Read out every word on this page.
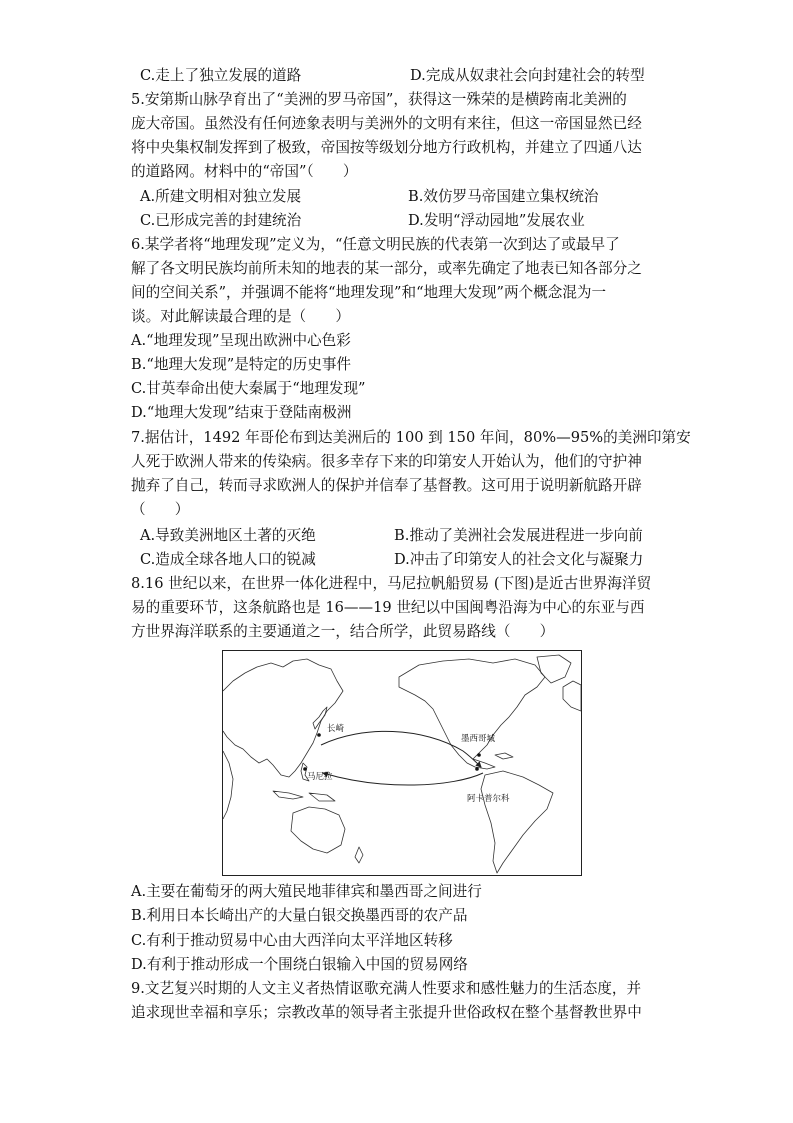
C.走上了独立发展的道路	D.完成从奴隶社会向封建社会的转型
5.安第斯山脉孕育出了“美洲的罗马帝国”，获得这一殊荣的是横跨南北美洲的
庞大帝国。虽然没有任何迹象表明与美洲外的文明有来往，但这一帝国显然已经
将中央集权制发挥到了极致，帝国按等级划分地方行政机构，并建立了四通八达
的道路网。材料中的“帝国”（　　）
A.所建文明相对独立发展	B.效仿罗马帝国建立集权统治
C.已形成完善的封建统治	D.发明“浮动园地”发展农业
6.某学者将“地理发现”定义为，“任意文明民族的代表第一次到达了或最早了
解了各文明民族均前所未知的地表的某一部分，或率先确定了地表已知各部分之
间的空间关系”，并强调不能将“地理发现”和“地理大发现”两个概念混为一
谈。对此解读最合理的是（　　）
A.“地理发现”呈现出欧洲中心色彩
B.“地理大发现”是特定的历史事件
C.甘英奉命出使大秦属于“地理发现”
D.“地理大发现”结束于登陆南极洲
7.据估计，1492 年哥伦布到达美洲后的 100 到 150 年间，80%—95%的美洲印第安
人死于欧洲人带来的传染病。很多幸存下来的印第安人开始认为，他们的守护神
抛弃了自己，转而寻求欧洲人的保护并信奉了基督教。这可用于说明新航路开辟
（　　）
A.导致美洲地区土著的灭绝	B.推动了美洲社会发展进程进一步向前
C.造成全球各地人口的锐减	D.冲击了印第安人的社会文化与凝聚力
8.16 世纪以来，在世界一体化进程中，马尼拉帆船贸易 (下图)是近古世界海洋贸
易的重要环节，这条航路也是 16——19 世纪以中国闽粤沿海为中心的东亚与西
方世界海洋联系的主要通道之一，结合所学，此贸易路线（　　）
长崎
马尼拉
墨西哥城
阿卡普尔科
A.主要在葡萄牙的两大殖民地菲律宾和墨西哥之间进行
B.利用日本长崎出产的大量白银交换墨西哥的农产品
C.有利于推动贸易中心由大西洋向太平洋地区转移
D.有利于推动形成一个围绕白银输入中国的贸易网络
9.文艺复兴时期的人文主义者热情讴歌充满人性要求和感性魅力的生活态度，并
追求现世幸福和享乐；宗教改革的领导者主张提升世俗政权在整个基督教世界中
